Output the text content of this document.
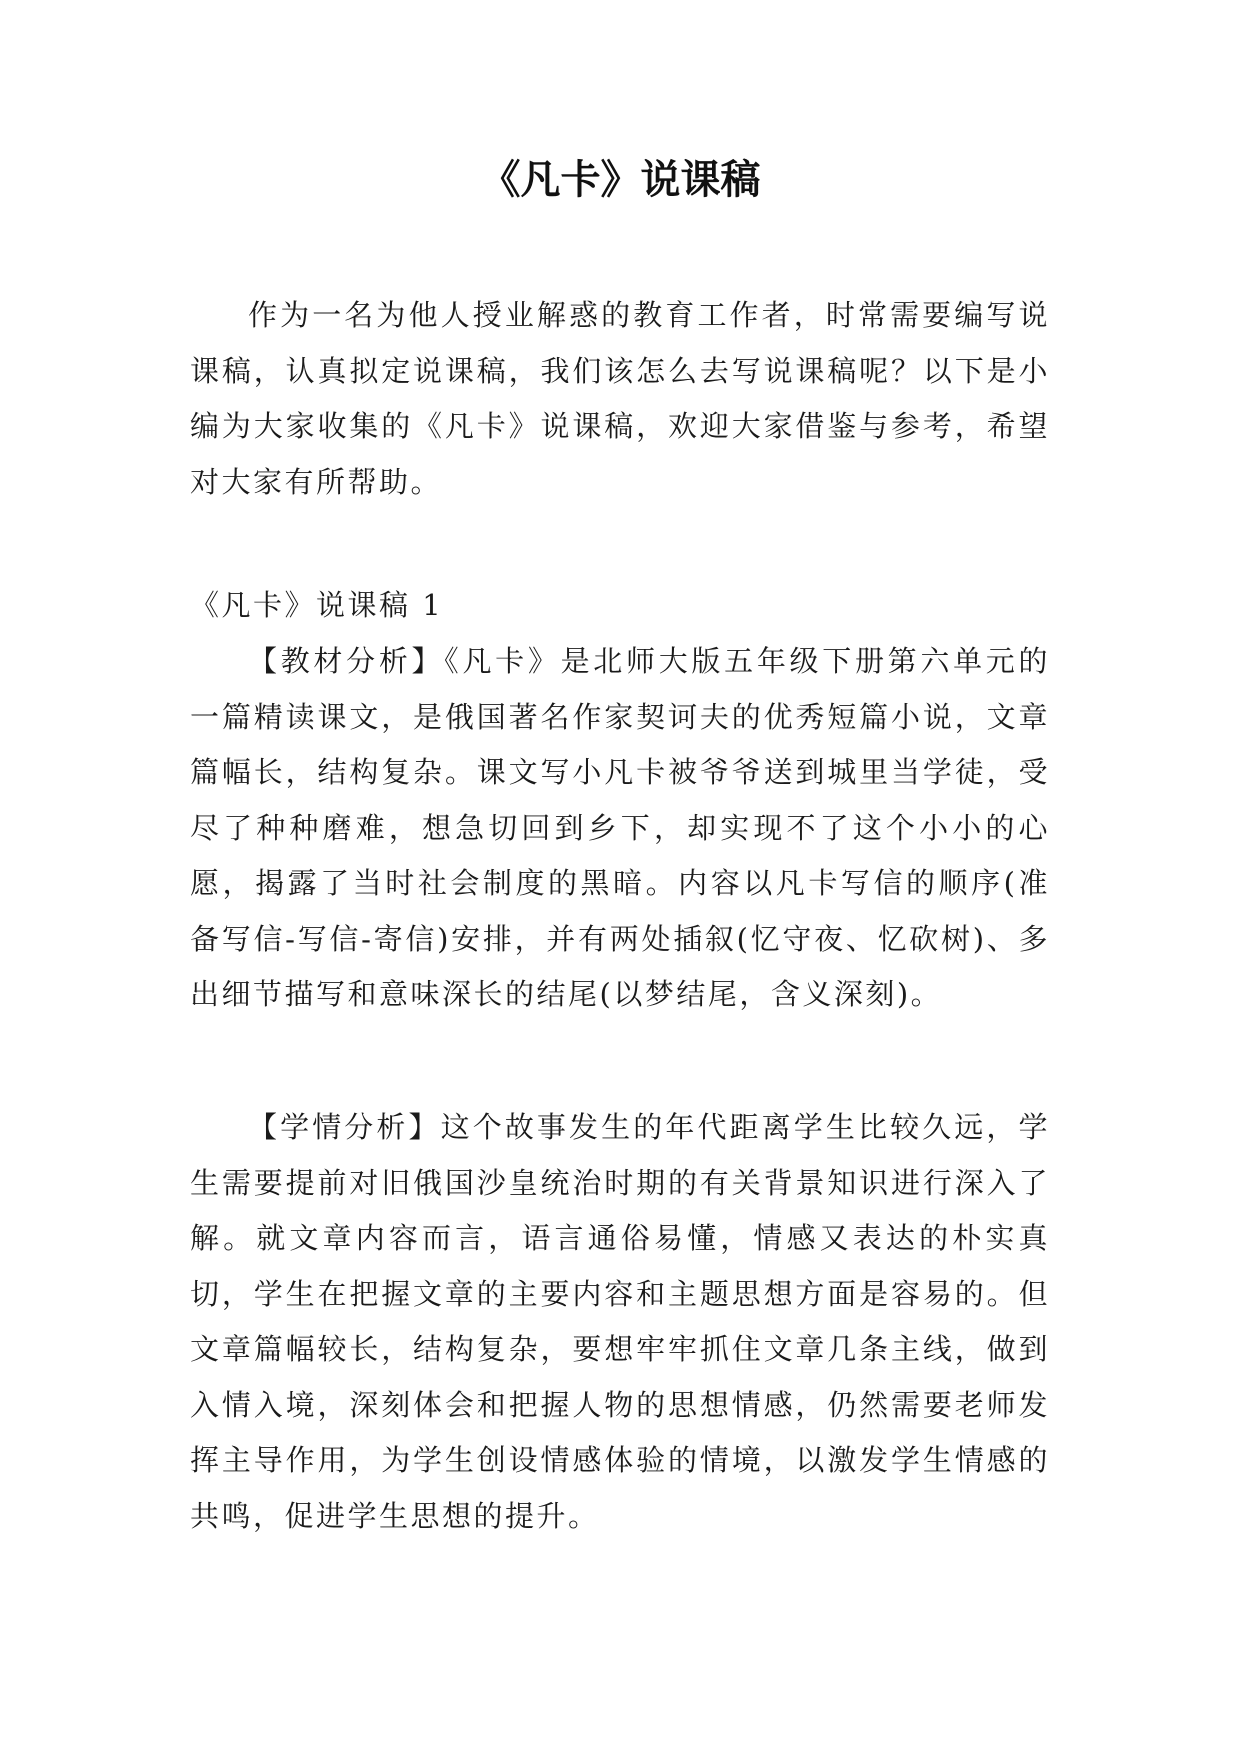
《凡卡》说课稿

作为一名为他人授业解惑的教育工作者，时常需要编写说课稿，认真拟定说课稿，我们该怎么去写说课稿呢？以下是小编为大家收集的《凡卡》说课稿，欢迎大家借鉴与参考，希望对大家有所帮助。

《凡卡》说课稿 1

【教材分析】《凡卡》是北师大版五年级下册第六单元的一篇精读课文，是俄国著名作家契诃夫的优秀短篇小说，文章篇幅长，结构复杂。课文写小凡卡被爷爷送到城里当学徒，受尽了种种磨难，想急切回到乡下，却实现不了这个小小的心愿，揭露了当时社会制度的黑暗。内容以凡卡写信的顺序(准备写信-写信-寄信)安排，并有两处插叙(忆守夜、忆砍树)、多出细节描写和意味深长的结尾(以梦结尾，含义深刻)。

【学情分析】这个故事发生的年代距离学生比较久远，学生需要提前对旧俄国沙皇统治时期的有关背景知识进行深入了解。就文章内容而言，语言通俗易懂，情感又表达的朴实真切，学生在把握文章的主要内容和主题思想方面是容易的。但文章篇幅较长，结构复杂，要想牢牢抓住文章几条主线，做到入情入境，深刻体会和把握人物的思想情感，仍然需要老师发挥主导作用，为学生创设情感体验的情境，以激发学生情感的共鸣，促进学生思想的提升。
